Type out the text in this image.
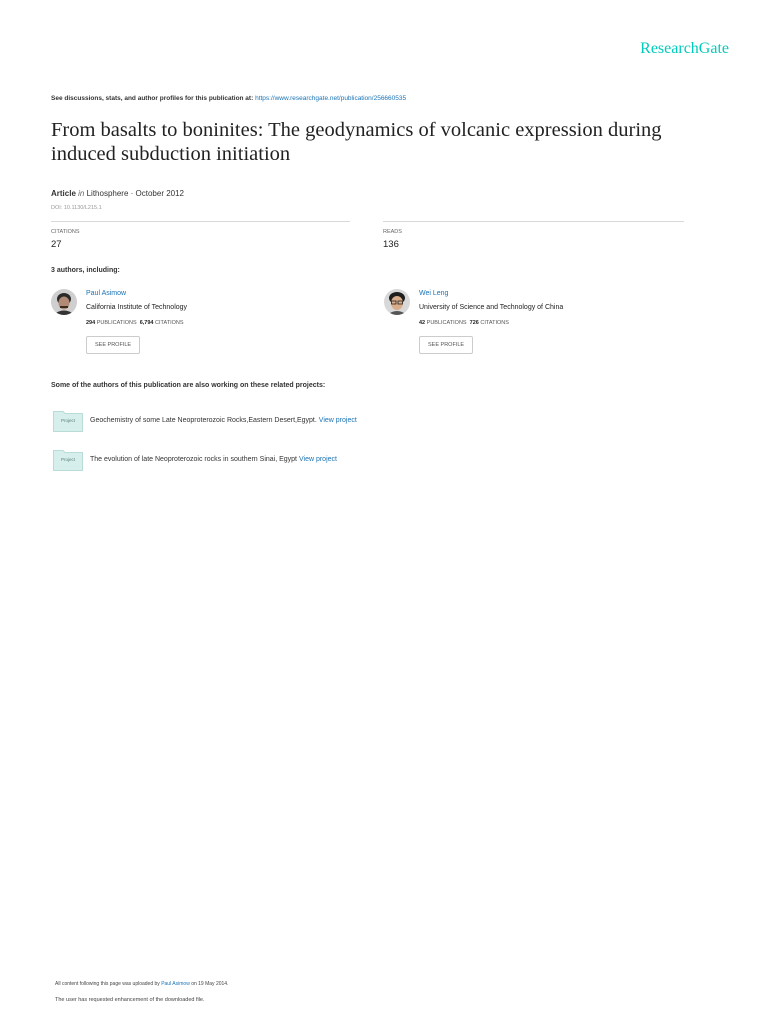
ResearchGate
See discussions, stats, and author profiles for this publication at: https://www.researchgate.net/publication/256660535
From basalts to boninites: The geodynamics of volcanic expression during induced subduction initiation
Article in Lithosphere · October 2012
DOI: 10.1130/L215.1
CITATIONS
27
READS
136
3 authors, including:
Paul Asimow
California Institute of Technology
294 PUBLICATIONS 6,794 CITATIONS
SEE PROFILE
Wei Leng
University of Science and Technology of China
42 PUBLICATIONS 726 CITATIONS
SEE PROFILE
Some of the authors of this publication are also working on these related projects:
Project	Geochemistry of some Late Neoproterozoic Rocks,Eastern Desert,Egypt. View project
Project	The evolution of late Neoproterozoic rocks in southern Sinai, Egypt View project
All content following this page was uploaded by Paul Asimow on 19 May 2014.
The user has requested enhancement of the downloaded file.
